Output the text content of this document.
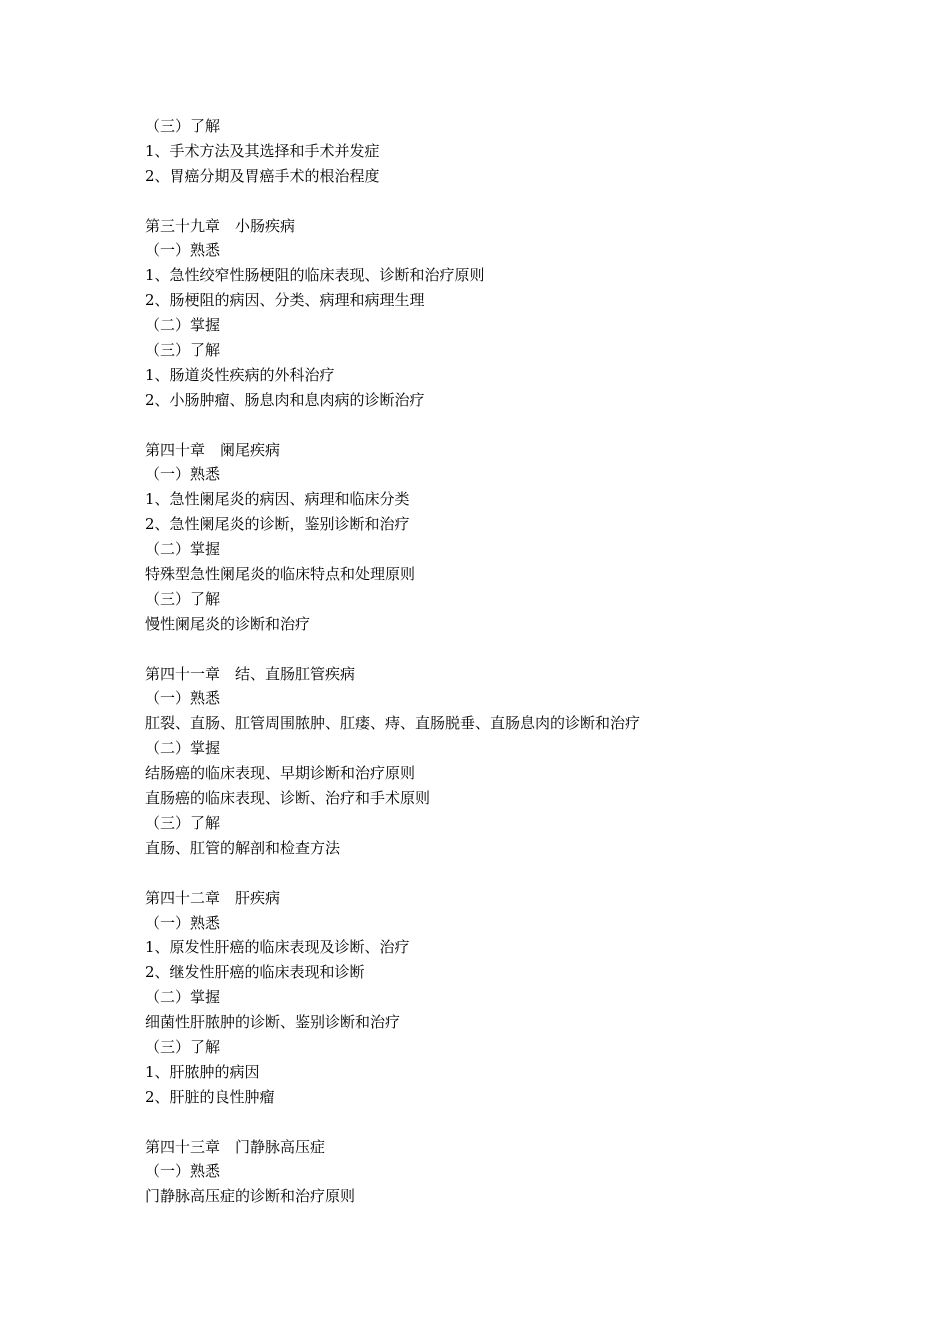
（三）了解

1、手术方法及其选择和手术并发症

2、胃癌分期及胃癌手术的根治程度

第三十九章　小肠疾病

（一）熟悉

1、急性绞窄性肠梗阻的临床表现、诊断和治疗原则

2、肠梗阻的病因、分类、病理和病理生理

（二）掌握

（三）了解

1、肠道炎性疾病的外科治疗

2、小肠肿瘤、肠息肉和息肉病的诊断治疗

第四十章　阑尾疾病

（一）熟悉

1、急性阑尾炎的病因、病理和临床分类

2、急性阑尾炎的诊断，鉴别诊断和治疗

（二）掌握

特殊型急性阑尾炎的临床特点和处理原则

（三）了解

慢性阑尾炎的诊断和治疗

第四十一章　结、直肠肛管疾病

（一）熟悉

肛裂、直肠、肛管周围脓肿、肛瘘、痔、直肠脱垂、直肠息肉的诊断和治疗

（二）掌握

结肠癌的临床表现、早期诊断和治疗原则

直肠癌的临床表现、诊断、治疗和手术原则

（三）了解

直肠、肛管的解剖和检查方法

第四十二章　肝疾病

（一）熟悉

1、原发性肝癌的临床表现及诊断、治疗

2、继发性肝癌的临床表现和诊断

（二）掌握

细菌性肝脓肿的诊断、鉴别诊断和治疗

（三）了解

1、肝脓肿的病因

2、肝脏的良性肿瘤

第四十三章　门静脉高压症

（一）熟悉

门静脉高压症的诊断和治疗原则
